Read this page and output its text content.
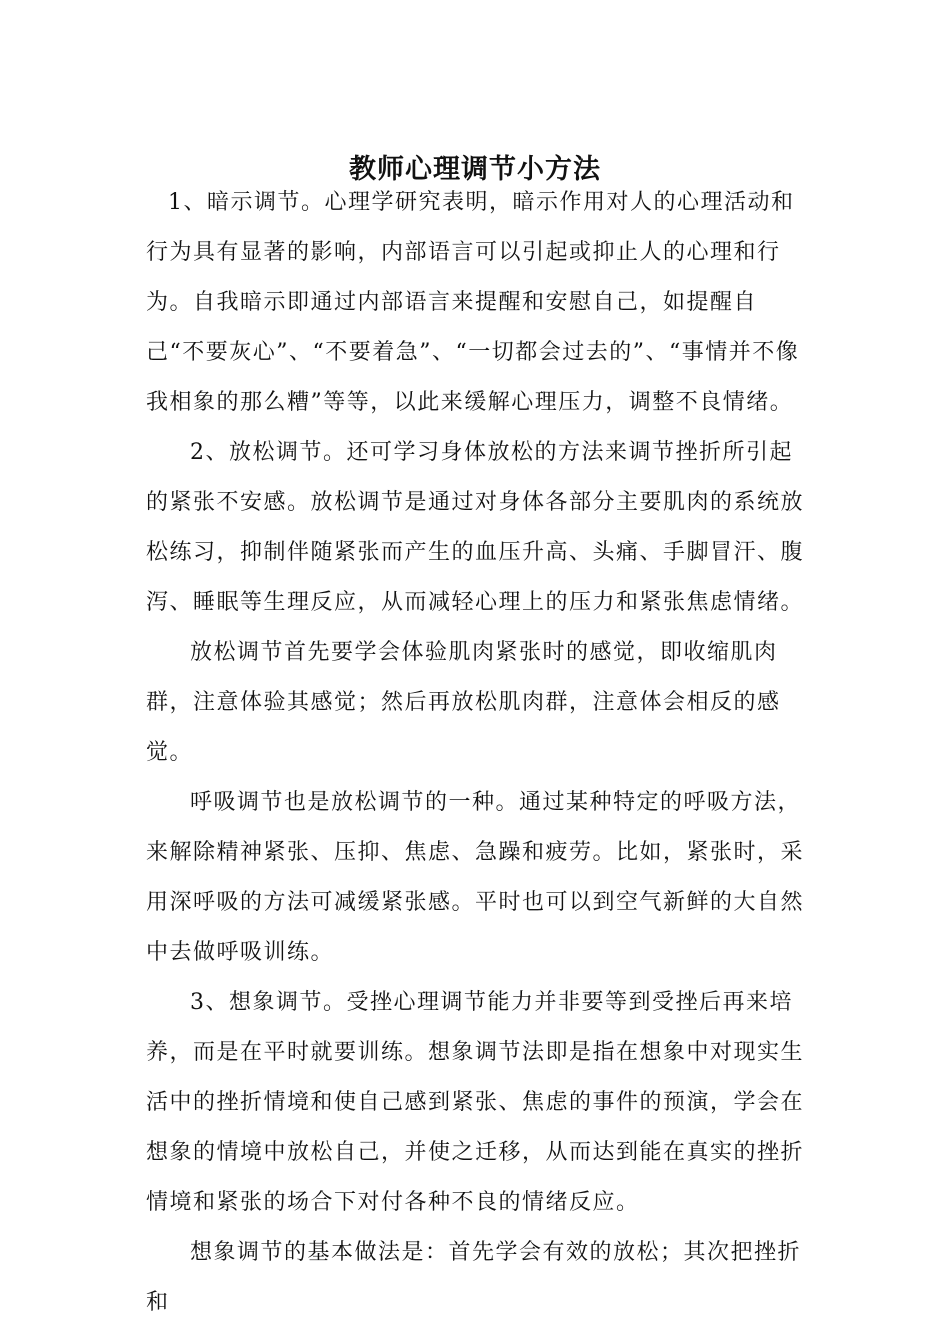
教师心理调节小方法

1、暗示调节。心理学研究表明，暗示作用对人的心理活动和行为具有显著的影响，内部语言可以引起或抑止人的心理和行为。自我暗示即通过内部语言来提醒和安慰自己，如提醒自己“不要灰心”、“不要着急”、“一切都会过去的”、“事情并不像我相象的那么糟”等等，以此来缓解心理压力，调整不良情绪。

2、放松调节。还可学习身体放松的方法来调节挫折所引起的紧张不安感。放松调节是通过对身体各部分主要肌肉的系统放松练习，抑制伴随紧张而产生的血压升高、头痛、手脚冒汗、腹泻、睡眠等生理反应，从而减轻心理上的压力和紧张焦虑情绪。

放松调节首先要学会体验肌肉紧张时的感觉，即收缩肌肉群，注意体验其感觉；然后再放松肌肉群，注意体会相反的感觉。

呼吸调节也是放松调节的一种。通过某种特定的呼吸方法，来解除精神紧张、压抑、焦虑、急躁和疲劳。比如，紧张时，采用深呼吸的方法可减缓紧张感。平时也可以到空气新鲜的大自然中去做呼吸训练。

3、想象调节。受挫心理调节能力并非要等到受挫后再来培养，而是在平时就要训练。想象调节法即是指在想象中对现实生活中的挫折情境和使自己感到紧张、焦虑的事件的预演，学会在想象的情境中放松自己，并使之迁移，从而达到能在真实的挫折情境和紧张的场合下对付各种不良的情绪反应。

想象调节的基本做法是：首先学会有效的放松；其次把挫折和
